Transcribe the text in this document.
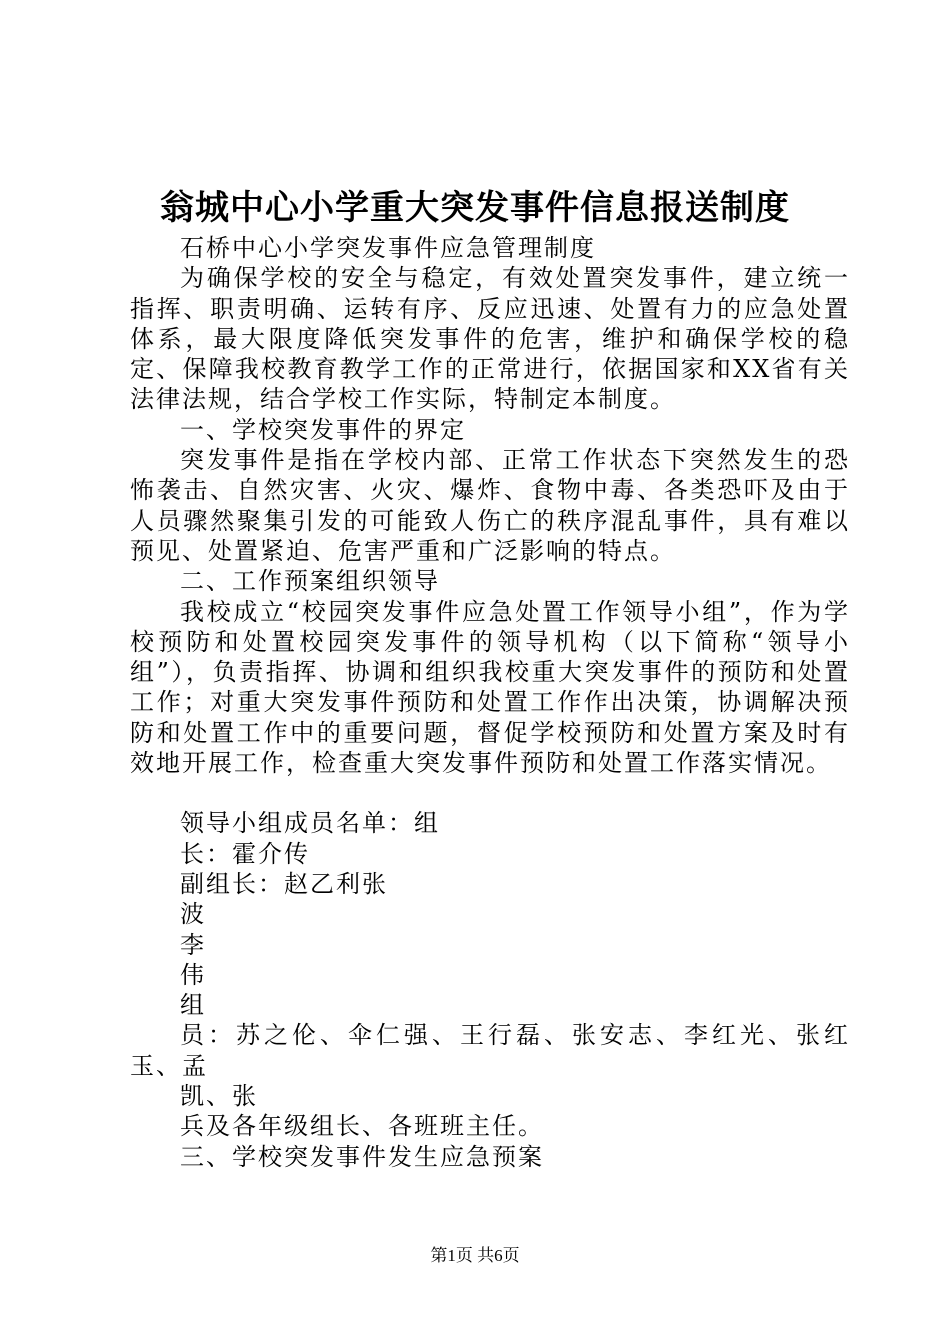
翁城中心小学重大突发事件信息报送制度

石桥中心小学突发事件应急管理制度

为确保学校的安全与稳定，有效处置突发事件，建立统一指挥、职责明确、运转有序、反应迅速、处置有力的应急处置体系，最大限度降低突发事件的危害，维护和确保学校的稳定、保障我校教育教学工作的正常进行，依据国家和XX省有关法律法规，结合学校工作实际，特制定本制度。

一、学校突发事件的界定

突发事件是指在学校内部、正常工作状态下突然发生的恐怖袭击、自然灾害、火灾、爆炸、食物中毒、各类恐吓及由于人员骤然聚集引发的可能致人伤亡的秩序混乱事件，具有难以预见、处置紧迫、危害严重和广泛影响的特点。

二、工作预案组织领导

我校成立“校园突发事件应急处置工作领导小组”，作为学校预防和处置校园突发事件的领导机构（以下简称“领导小组”），负责指挥、协调和组织我校重大突发事件的预防和处置工作；对重大突发事件预防和处置工作作出决策，协调解决预防和处置工作中的重要问题，督促学校预防和处置方案及时有效地开展工作，检查重大突发事件预防和处置工作落实情况。

领导小组成员名单：组

长：霍介传

副组长：赵乙利张

波

李

伟

组

员：苏之伦、伞仁强、王行磊、张安志、李红光、张红玉、孟

凯、张

兵及各年级组长、各班班主任。

三、学校突发事件发生应急预案

第1页 共6页
